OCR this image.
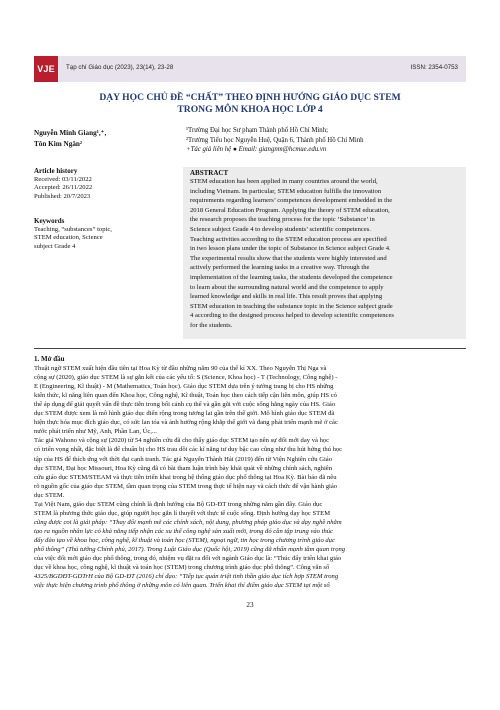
VJE	Tạp chí Giáo dục (2023), 23(14), 23-28	ISSN: 2354-0753
DẠY HỌC CHỦ ĐỀ “CHẤT” THEO ĐỊNH HƯỚNG GIÁO DỤC STEM
TRONG MÔN KHOA HỌC LỚP 4
Nguyễn Minh Giang¹,⁺,
Tôn Kim Ngân²
¹Trường Đại học Sư phạm Thành phố Hồ Chí Minh;
²Trường Tiểu học Nguyễn Huệ, Quận 6, Thành phố Hồ Chí Minh
+Tác giả liên hệ ● Email: giangnm@hcmue.edu.vn
Article history
Received: 03/11/2022
Accepted: 26/11/2022
Published: 20/7/2023
Keywords
Teaching, “substances” topic,
STEM education, Science
subject Grade 4
ABSTRACT
STEM education has been applied in many countries around the world,
including Vietnam. In particular, STEM education fulfills the innovation
requirements regarding learners’ competences development embedded in the
2018 General Education Program. Applying the theory of STEM education,
the research proposes the teaching process for the topic ‘Substance’ in
Science subject Grade 4 to develop students’ scientific competences.
Teaching activities according to the STEM education process are specified
in two lesson plans under the topic of Substance in Science subject Grade 4.
The experimental results show that the students were highly interested and
actively performed the learning tasks in a creative way. Through the
implementation of the learning tasks, the students developed the competence
to learn about the surrounding natural world and the competence to apply
learned knowledge and skills in real life. This result proves that applying
STEM education in teaching the substance topic in the Science subject grade
4 according to the designed process helped to develop scientific competences
for the students.
1. Mở đầu
Thuật ngữ STEM xuất hiện đầu tiên tại Hoa Kỳ từ đầu những năm 90 của thế kỉ XX. Theo Nguyễn Thị Nga và
cộng sự (2020), giáo dục STEM là sự gắn kết của các yếu tố: S (Science, Khoa học) - T (Technology, Công nghệ) -
E (Engineering, Kĩ thuật) - M (Mathematics, Toán học). Giáo dục STEM dựa trên ý tưởng trang bị cho HS những
kiến thức, kĩ năng liên quan đến Khoa học, Công nghệ, Kĩ thuật, Toán học theo cách tiếp cận liên môn, giúp HS có
thể áp dụng để giải quyết vấn đề thực tiễn trong bối cảnh cụ thể và gần gũi với cuộc sống hằng ngày của HS. Giáo
dục STEM được xem là mô hình giáo dục điển rộng trong tương lai gần trên thế giới. Mô hình giáo dục STEM đã
hiện thực hóa mục đích giáo dục, có sức lan tỏa và ảnh hưởng rộng khắp thế giới và đang phát triển mạnh mẽ ở các
nước phát triển như Mỹ, Anh, Phần Lan, Úc,...
Tác giả Wahono và cộng sự (2020) từ 54 nghiên cứu đã cho thấy giáo dục STEM tạo nên sự đổi mới day và học
có triển vọng nhất, đặc biệt là để chuẩn bị cho HS trau dồi các kĩ năng tư duy bậc cao cũng như thu hút hứng thú học
tập của HS để thích ứng với thời đại cạnh tranh. Tác giả Nguyễn Thành Hải (2019) đến từ Viện Nghiên cứu Giáo
dục STEM, Đại học Missouri, Hoa Kỳ cũng đã có bài tham luận trình bày khái quát về những chính sách, nghiên
cứu giáo dục STEM/STEAM và thực tiễn triển khai trong hệ thống giáo dục phổ thông tại Hoa Kỳ. Bài báo đã nêu
rõ nguồn gốc của giáo dục STEM, tầm quan trọng của STEM trong thực tế hiện nay và cách thức để vận hành giáo
dục STEM.
Tại Việt Nam, giáo dục STEM cũng chính là định hướng của Bộ GD-ĐT trong những năm gần đây. Giáo dục
STEM là phương thức giáo dục, giúp người học gắn lí thuyết với thực tế cuộc sống. Định hướng dạy học STEM
cũng được coi là giải pháp: “Thay đổi mạnh mẽ các chính sách, nội dung, phương pháp giáo dục và dạy nghề nhằm
tạo ra nguồn nhân lực có khả năng tiếp nhận các xu thế công nghệ sản xuất mới, trong đó cần tập trung vào thúc
đẩy đào tạo về khoa học, công nghệ, kĩ thuật và toán học (STEM), ngoại ngữ, tin học trong chương trình giáo dục
phổ thông” (Thủ tướng Chính phủ, 2017). Trong Luật Giáo dục (Quốc hội, 2019) cũng đã nhấn mạnh tầm quan trọng
của việc đổi mới giáo dục phổ thông, trong đó, nhiệm vụ đặt ra đối với ngành Giáo dục là: “Thúc đẩy triển khai giáo
dục về khoa học, công nghệ, kĩ thuật và toán học (STEM) trong chương trình giáo dục phổ thông”. Công văn số
4325/BGDĐT-GDTrH của Bộ GD-ĐT (2016) chỉ đạo: “Tiếp tục quán triệt tinh thần giáo dục tích hợp STEM trong
việc thực hiện chương trình phổ thông ở những môn có liên quan. Triển khai thí điểm giáo dục STEM tại một số
23
